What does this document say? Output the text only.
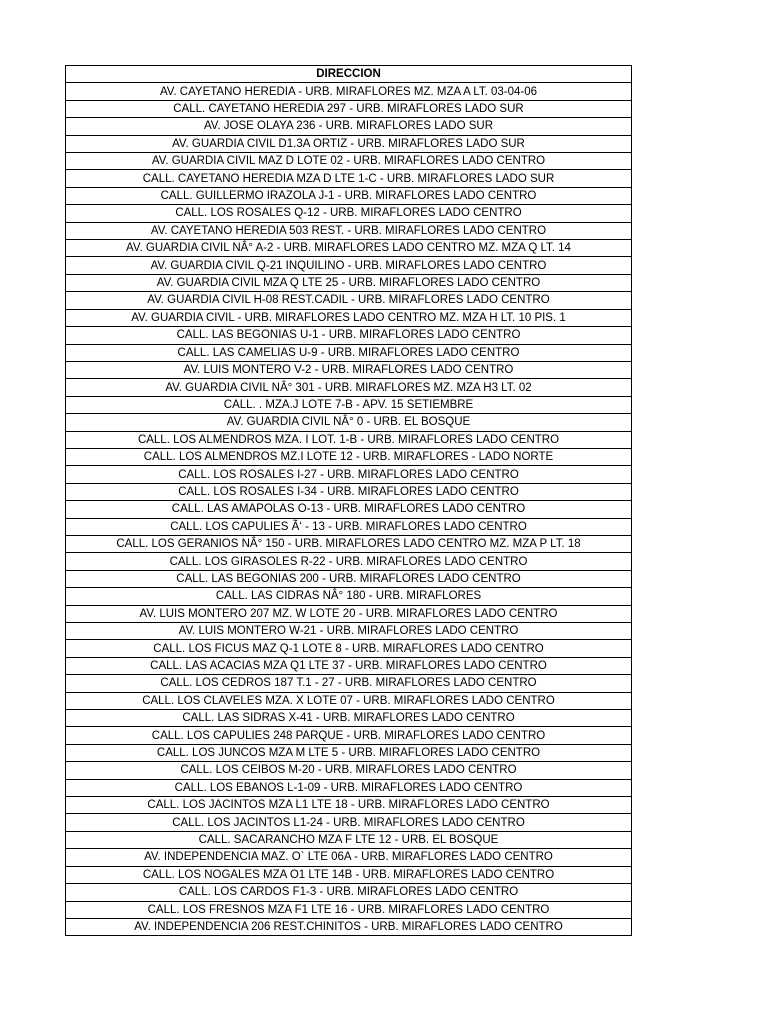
DIRECCION
AV. CAYETANO HEREDIA - URB. MIRAFLORES MZ. MZA A LT. 03-04-06
CALL. CAYETANO HEREDIA 297 - URB. MIRAFLORES LADO SUR
AV. JOSE OLAYA 236 - URB. MIRAFLORES LADO SUR
AV. GUARDIA CIVIL D1.3A ORTIZ - URB. MIRAFLORES LADO SUR
AV. GUARDIA CIVIL MAZ D LOTE 02 - URB. MIRAFLORES LADO CENTRO
CALL. CAYETANO HEREDIA MZA D LTE 1-C - URB. MIRAFLORES LADO SUR
CALL. GUILLERMO IRAZOLA J-1 - URB. MIRAFLORES LADO CENTRO
CALL. LOS ROSALES Q-12 - URB. MIRAFLORES LADO CENTRO
AV. CAYETANO HEREDIA 503 REST. - URB. MIRAFLORES LADO CENTRO
AV. GUARDIA CIVIL NÂ° A-2 - URB. MIRAFLORES LADO CENTRO MZ. MZA Q LT. 14
AV. GUARDIA CIVIL Q-21 INQUILINO - URB. MIRAFLORES LADO CENTRO
AV. GUARDIA CIVIL MZA Q LTE 25 - URB. MIRAFLORES LADO CENTRO
AV. GUARDIA CIVIL H-08 REST.CADIL - URB. MIRAFLORES LADO CENTRO
AV. GUARDIA CIVIL - URB. MIRAFLORES LADO CENTRO MZ. MZA H LT. 10 PIS. 1
CALL. LAS BEGONIAS U-1 - URB. MIRAFLORES LADO CENTRO
CALL. LAS CAMELIAS U-9 - URB. MIRAFLORES LADO CENTRO
AV. LUIS MONTERO V-2 - URB. MIRAFLORES LADO CENTRO
AV. GUARDIA CIVIL NÂ° 301 - URB. MIRAFLORES MZ. MZA H3 LT. 02
CALL. . MZA.J LOTE 7-B - APV. 15 SETIEMBRE
AV. GUARDIA CIVIL NÂ° 0 - URB. EL BOSQUE
CALL. LOS ALMENDROS MZA. I LOT. 1-B - URB. MIRAFLORES LADO CENTRO
CALL. LOS ALMENDROS MZ.I LOTE 12 - URB. MIRAFLORES - LADO NORTE
CALL. LOS ROSALES I-27 - URB. MIRAFLORES LADO CENTRO
CALL. LOS ROSALES I-34 - URB. MIRAFLORES LADO CENTRO
CALL. LAS AMAPOLAS O-13 - URB. MIRAFLORES LADO CENTRO
CALL. LOS CAPULIES Ã‘ - 13 - URB. MIRAFLORES LADO CENTRO
CALL. LOS GERANIOS NÂ° 150 - URB. MIRAFLORES LADO CENTRO MZ. MZA P LT. 18
CALL. LOS GIRASOLES R-22 - URB. MIRAFLORES LADO CENTRO
CALL. LAS BEGONIAS 200 - URB. MIRAFLORES LADO CENTRO
CALL. LAS CIDRAS NÂ° 180 - URB. MIRAFLORES
AV. LUIS MONTERO 207 MZ. W LOTE 20 - URB. MIRAFLORES LADO CENTRO
AV. LUIS MONTERO W-21 - URB. MIRAFLORES LADO CENTRO
CALL. LOS FICUS MAZ Q-1 LOTE 8 - URB. MIRAFLORES LADO CENTRO
CALL. LAS ACACIAS MZA Q1 LTE 37 - URB. MIRAFLORES LADO CENTRO
CALL. LOS CEDROS 187 T.1 - 27 - URB. MIRAFLORES LADO CENTRO
CALL. LOS CLAVELES MZA. X LOTE 07 - URB. MIRAFLORES LADO CENTRO
CALL. LAS SIDRAS X-41 - URB. MIRAFLORES LADO CENTRO
CALL. LOS CAPULIES 248 PARQUE - URB. MIRAFLORES LADO CENTRO
CALL. LOS JUNCOS MZA M LTE 5 - URB. MIRAFLORES LADO CENTRO
CALL. LOS CEIBOS M-20 - URB. MIRAFLORES LADO CENTRO
CALL. LOS EBANOS L-1-09 - URB. MIRAFLORES LADO CENTRO
CALL. LOS JACINTOS MZA L1 LTE 18 - URB. MIRAFLORES LADO CENTRO
CALL. LOS JACINTOS L1-24 - URB. MIRAFLORES LADO CENTRO
CALL. SACARANCHO MZA F LTE 12 - URB. EL BOSQUE
AV. INDEPENDENCIA MAZ. O` LTE 06A - URB. MIRAFLORES LADO CENTRO
CALL. LOS NOGALES MZA O1 LTE 14B - URB. MIRAFLORES LADO CENTRO
CALL. LOS CARDOS F1-3 - URB. MIRAFLORES LADO CENTRO
CALL. LOS FRESNOS MZA F1 LTE 16 - URB. MIRAFLORES LADO CENTRO
AV. INDEPENDENCIA 206 REST.CHINITOS - URB. MIRAFLORES LADO CENTRO
